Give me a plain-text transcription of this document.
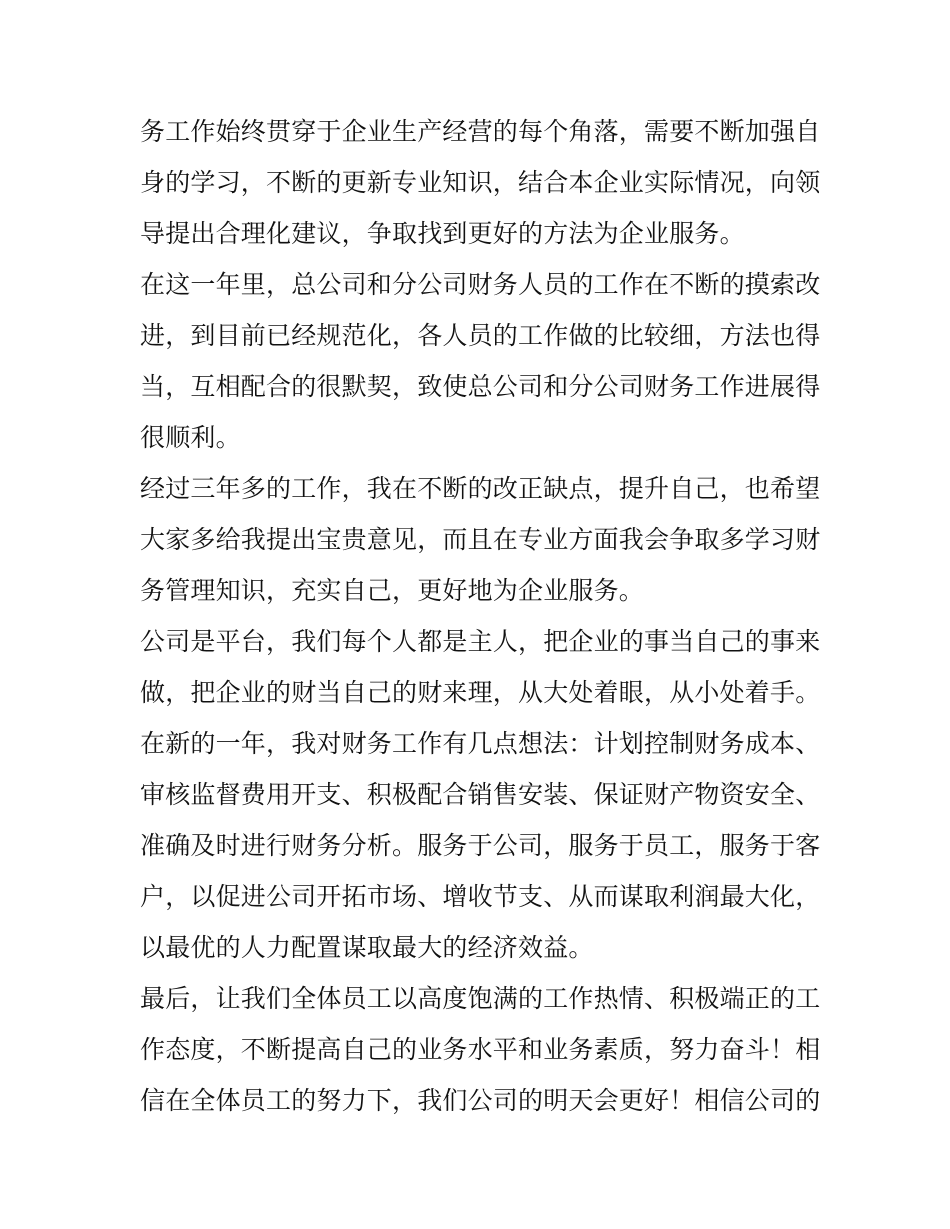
务工作始终贯穿于企业生产经营的每个角落，需要不断加强自
身的学习，不断的更新专业知识，结合本企业实际情况，向领
导提出合理化建议，争取找到更好的方法为企业服务。
在这一年里，总公司和分公司财务人员的工作在不断的摸索改
进，到目前已经规范化，各人员的工作做的比较细，方法也得
当，互相配合的很默契，致使总公司和分公司财务工作进展得
很顺利。
经过三年多的工作，我在不断的改正缺点，提升自己，也希望
大家多给我提出宝贵意见，而且在专业方面我会争取多学习财
务管理知识，充实自己，更好地为企业服务。
公司是平台，我们每个人都是主人，把企业的事当自己的事来
做，把企业的财当自己的财来理，从大处着眼，从小处着手。
在新的一年，我对财务工作有几点想法：计划控制财务成本、
审核监督费用开支、积极配合销售安装、保证财产物资安全、
准确及时进行财务分析。服务于公司，服务于员工，服务于客
户，以促进公司开拓市场、增收节支、从而谋取利润最大化，
以最优的人力配置谋取最大的经济效益。
最后，让我们全体员工以高度饱满的工作热情、积极端正的工
作态度，不断提高自己的业务水平和业务素质，努力奋斗！相
信在全体员工的努力下，我们公司的明天会更好！相信公司的
